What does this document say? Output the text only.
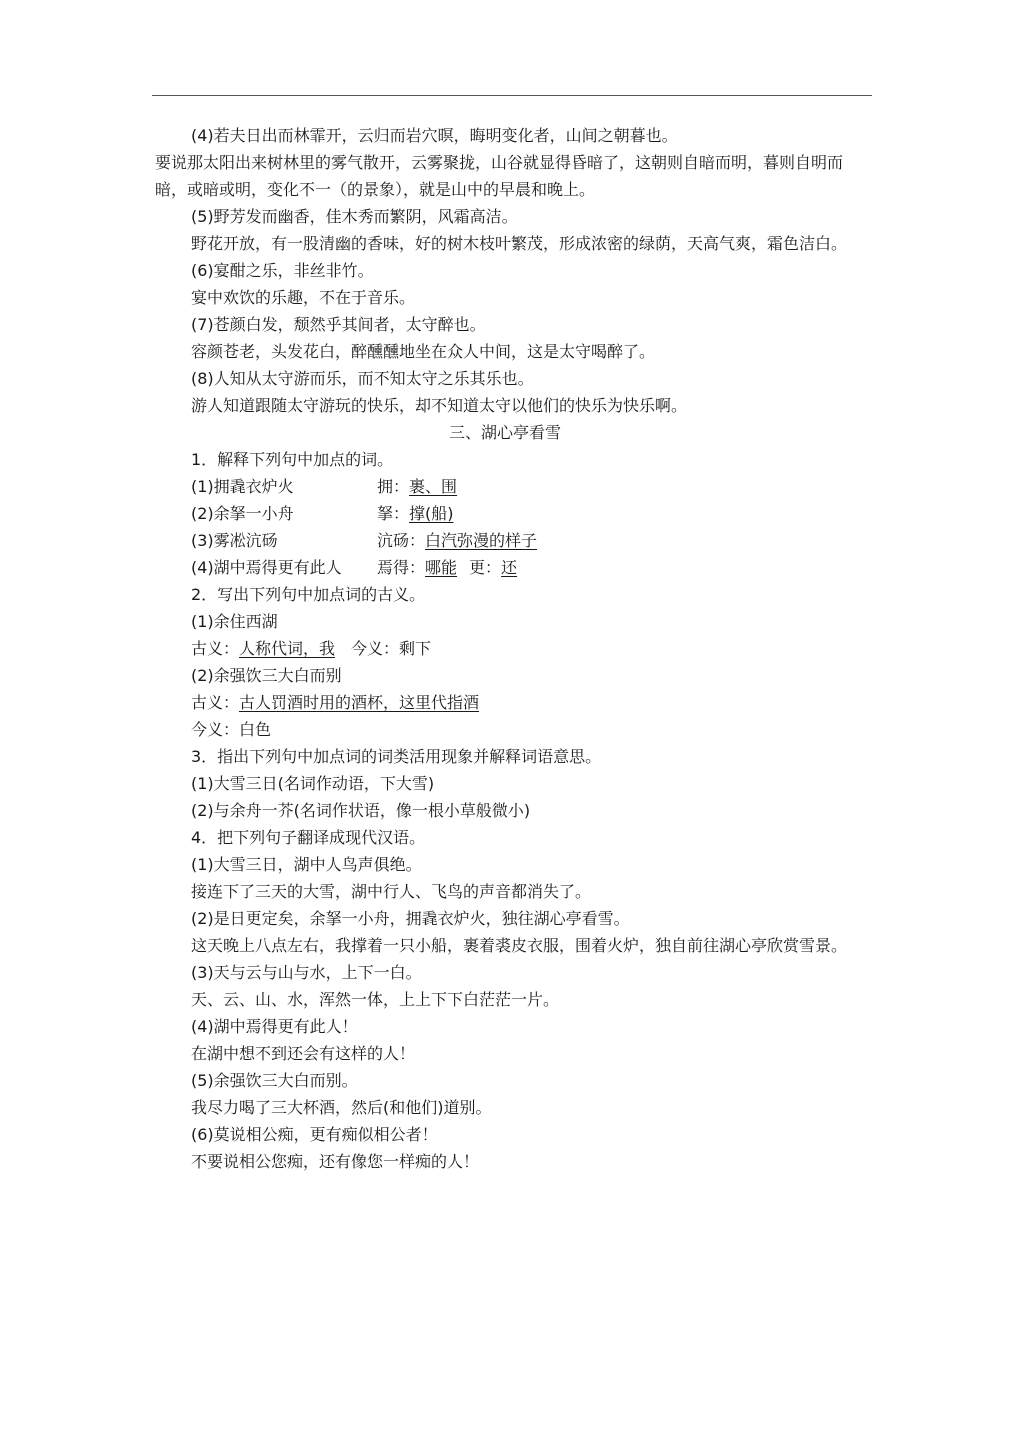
(4)若夫日出而林霏开，云归而岩穴暝，晦明变化者，山间之朝暮也。
要说那太阳出来树林里的雾气散开，云雾聚拢，山谷就显得昏暗了，这朝则自暗而明，暮则自明而暗，或暗或明，变化不一（的景象），就是山中的早晨和晚上。
(5)野芳发而幽香，佳木秀而繁阴，风霜高洁。
野花开放，有一股清幽的香味，好的树木枝叶繁茂，形成浓密的绿荫，天高气爽，霜色洁白。
(6)宴酣之乐，非丝非竹。
宴中欢饮的乐趣，不在于音乐。
(7)苍颜白发，颓然乎其间者，太守醉也。
容颜苍老，头发花白，醉醺醺地坐在众人中间，这是太守喝醉了。
(8)人知从太守游而乐，而不知太守之乐其乐也。
游人知道跟随太守游玩的快乐，却不知道太守以他们的快乐为快乐啊。
三、湖心亭看雪
1．解释下列句中加点的词。
(1)拥毳衣炉火	拥： 裹、围
(2)余拏一小舟	拏： 撑(船)
(3)雾凇沆砀	沆砀： 白汽弥漫的样子
(4)湖中焉得更有此人	焉得： 哪能 更： 还
2．写出下列句中加点词的古义。
(1)余住西湖
古义：人称代词，我 今义：剩下
(2)余强饮三大白而别
古义：古人罚酒时用的酒杯，这里代指酒
今义：白色
3．指出下列句中加点词的词类活用现象并解释词语意思。
(1)大雪三日(名词作动语，下大雪)
(2)与余舟一芥(名词作状语，像一根小草般微小)
4．把下列句子翻译成现代汉语。
(1)大雪三日，湖中人鸟声俱绝。
接连下了三天的大雪，湖中行人、飞鸟的声音都消失了。
(2)是日更定矣，余拏一小舟，拥毳衣炉火，独往湖心亭看雪。
这天晚上八点左右，我撑着一只小船，裹着裘皮衣服，围着火炉，独自前往湖心亭欣赏雪景。
(3)天与云与山与水，上下一白。
天、云、山、水，浑然一体，上上下下白茫茫一片。
(4)湖中焉得更有此人！
在湖中想不到还会有这样的人！
(5)余强饮三大白而别。
我尽力喝了三大杯酒，然后(和他们)道别。
(6)莫说相公痴，更有痴似相公者！
不要说相公您痴，还有像您一样痴的人！
